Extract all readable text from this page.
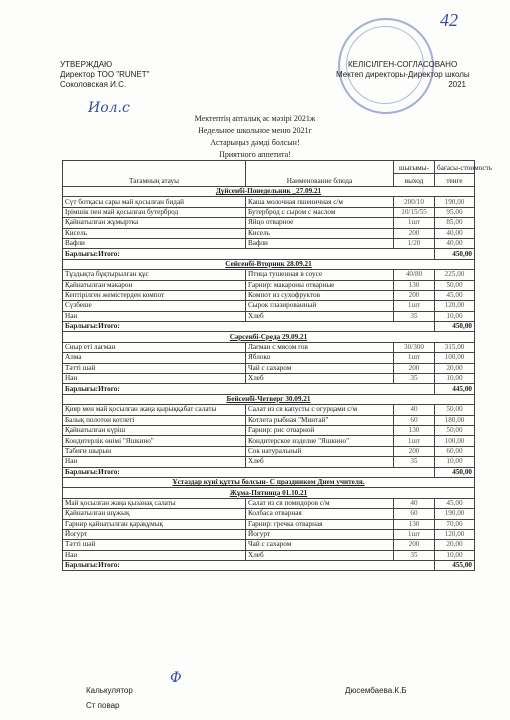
42
УТВЕРЖДАЮ
Директор ТОО "RUNET"
Соколовская И.С.
Иол.с
КЕЛІСІЛГЕН-СОГЛАСОВАНО
Мектеп директоры-Директор школы
2021
Мектептің апталық ас мәзірі 2021ж
Недельное школьное меню 2021г
Астарыңыз дәмді болсын!
Приятного аппетита!
Тағамның атауы	Наименование блюда	шығымы-	бағасы-стоимость
		выход	тенге
Дүйсенбі-Понедельник _27.09.21			
Сүт ботқасы сары май қосылған бидай	Каша молочная пшеничная с/м	200/10	190,00
Ірімшік пен май қосылған бутерброд	Бутерброд с сыром с маслом	10/15/55	95,00
Қайнатылған жұмыртка	Яйцо отварное	1шт	85,00
Кисель	Кисель	200	40,00
Вафли	Вафли	1/20	40,00
Барлығы:Итого:			450,00
Сейсенбі-Вторник 28.09.21			
Тұздықта бұқтырылған құс	Птица тушенная в соусе	40/80	225,00
Қайнатылған макарон	Гарнир: макароны отварные	130	50,00
Кептірілген жемістерден компот	Компот из сухофруктов	200	45,00
Сүзбеше	Сырок глазированный	1шт	120,00
Нан	Хлеб	35	10,00
Барлығы:Итого:			450,00
Сәрсенбі-Среда 29.09.21			
Сиыр еті лағман	Лагман с мясом гов	30/300	315,00
Алма	Яблоко	1шт	100,00
Тәтті шәй	Чай с сахаром	200	20,00
Нан	Хлеб	35	10,00
Барлығы:Итого:			445,00
Бейсенбі-Четверг 30.09.21			
Қияр мен май қосылған жаңа қырыққабат салаты	Салат из св капусты с огурцами с/м	40	50,00
Балық полотон котлеті	Котлета рыбная "Минтай"	60	180,00
Қайнатылған күріш	Гарнир: рис отварной	130	50,00
Кондитерлік өнімі "Яшкино"	Кондитерское изделие "Яшкино"	1шт	100,00
Табиғи шырын	Сок натуральный	200	60,00
Нан	Хлеб	35	10,00
Барлығы:Итого:			450,00
Ұстаздар күні құтты болсын- С праздником Днем учителя.			
Жұма-Пятница 01.10.21			
Май қосылған жаңа қызанақ салаты	Салат из св помидоров с/м	40	45,00
Қайнатылған шұжық	Колбаса отварная	60	190,00
Гарнир қайнатылған қарақұмық	Гарнир: гречка отварная	130	70,00
Йогурт	Йогурт	1шт	120,00
Тәтті шәй	Чай с сахаром	200	20,00
Нан	Хлеб	35	10,00
Барлығы:Итого:			455,00
Калькулятор
Ст повар
Дюсембаева.К.Б
Ф
